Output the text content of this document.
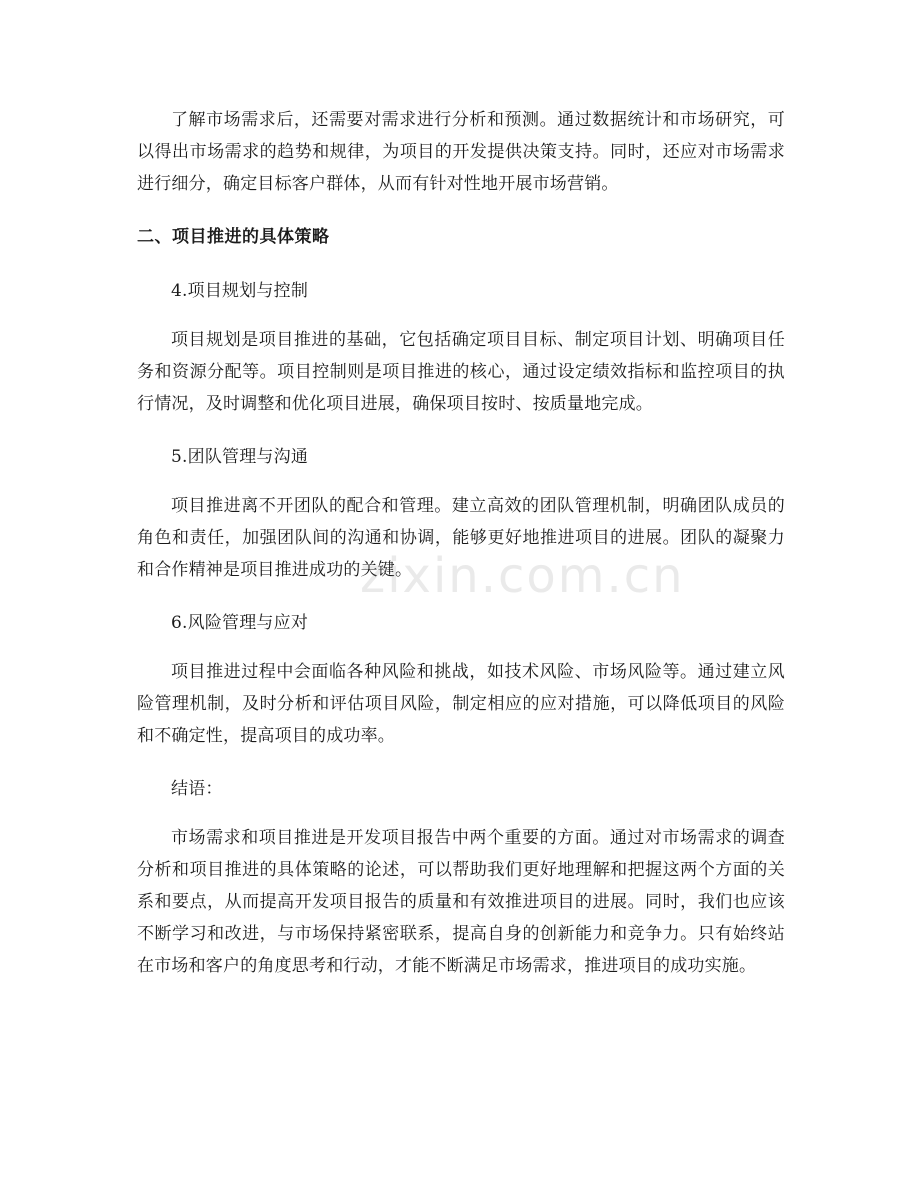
了解市场需求后，还需要对需求进行分析和预测。通过数据统计和市场研究，可以得出市场需求的趋势和规律，为项目的开发提供决策支持。同时，还应对市场需求进行细分，确定目标客户群体，从而有针对性地开展市场营销。

二、项目推进的具体策略

4.项目规划与控制

项目规划是项目推进的基础，它包括确定项目目标、制定项目计划、明确项目任务和资源分配等。项目控制则是项目推进的核心，通过设定绩效指标和监控项目的执行情况，及时调整和优化项目进展，确保项目按时、按质量地完成。

5.团队管理与沟通

项目推进离不开团队的配合和管理。建立高效的团队管理机制，明确团队成员的角色和责任，加强团队间的沟通和协调，能够更好地推进项目的进展。团队的凝聚力和合作精神是项目推进成功的关键。

6.风险管理与应对

项目推进过程中会面临各种风险和挑战，如技术风险、市场风险等。通过建立风险管理机制，及时分析和评估项目风险，制定相应的应对措施，可以降低项目的风险和不确定性，提高项目的成功率。

结语：

市场需求和项目推进是开发项目报告中两个重要的方面。通过对市场需求的调查分析和项目推进的具体策略的论述，可以帮助我们更好地理解和把握这两个方面的关系和要点，从而提高开发项目报告的质量和有效推进项目的进展。同时，我们也应该不断学习和改进，与市场保持紧密联系，提高自身的创新能力和竞争力。只有始终站在市场和客户的角度思考和行动，才能不断满足市场需求，推进项目的成功实施。

zixin.com.cn
